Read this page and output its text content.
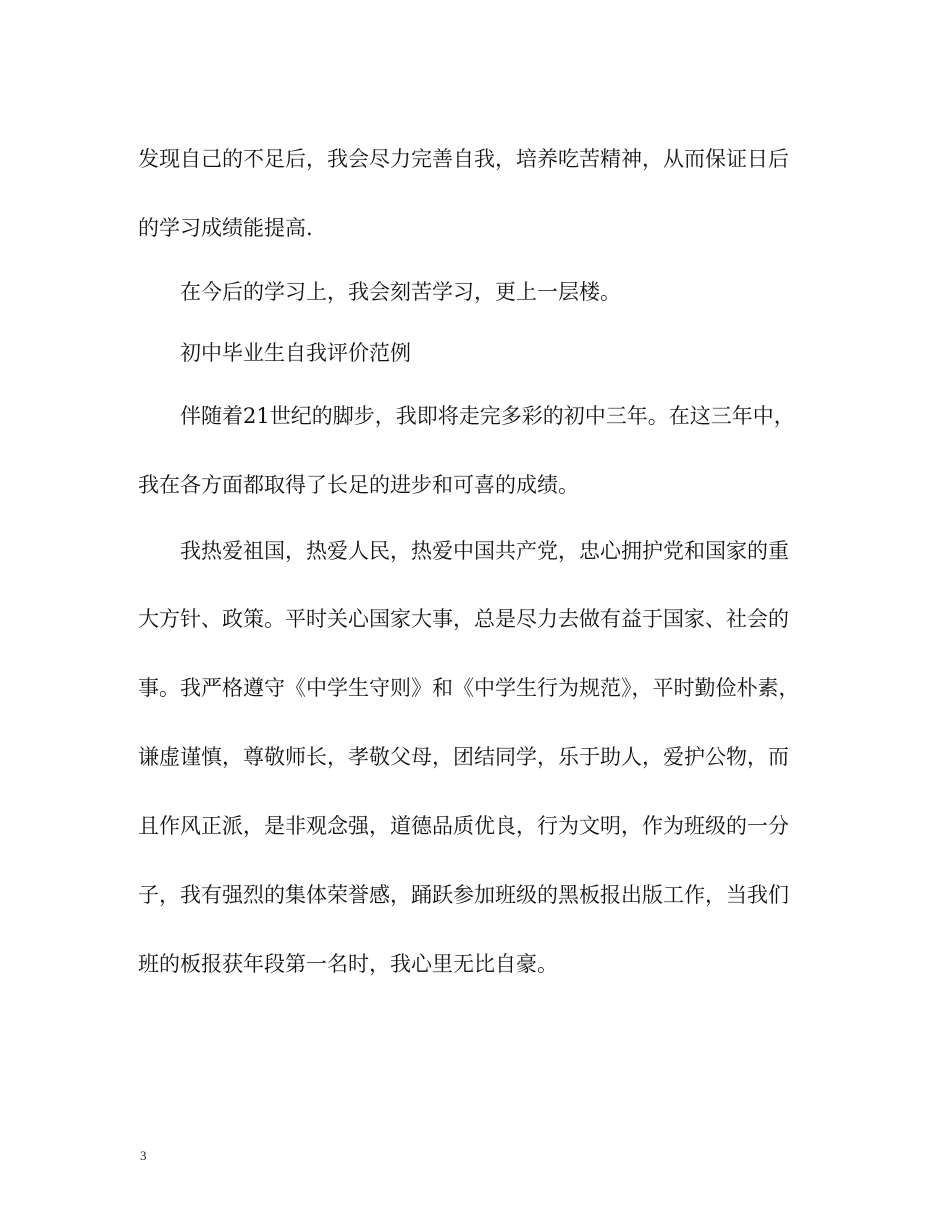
发现自己的不足后，我会尽力完善自我，培养吃苦精神，从而保证日后
的学习成绩能提高.
在今后的学习上，我会刻苦学习，更上一层楼。
初中毕业生自我评价范例
伴随着21世纪的脚步，我即将走完多彩的初中三年。在这三年中，
我在各方面都取得了长足的进步和可喜的成绩。
我热爱祖国，热爱人民，热爱中国共产党，忠心拥护党和国家的重
大方针、政策。平时关心国家大事，总是尽力去做有益于国家、社会的
事。我严格遵守《中学生守则》和《中学生行为规范》，平时勤俭朴素，
谦虚谨慎，尊敬师长，孝敬父母，团结同学，乐于助人，爱护公物，而
且作风正派，是非观念强，道德品质优良，行为文明，作为班级的一分
子，我有强烈的集体荣誉感，踊跃参加班级的黑板报出版工作，当我们
班的板报获年段第一名时，我心里无比自豪。
3
